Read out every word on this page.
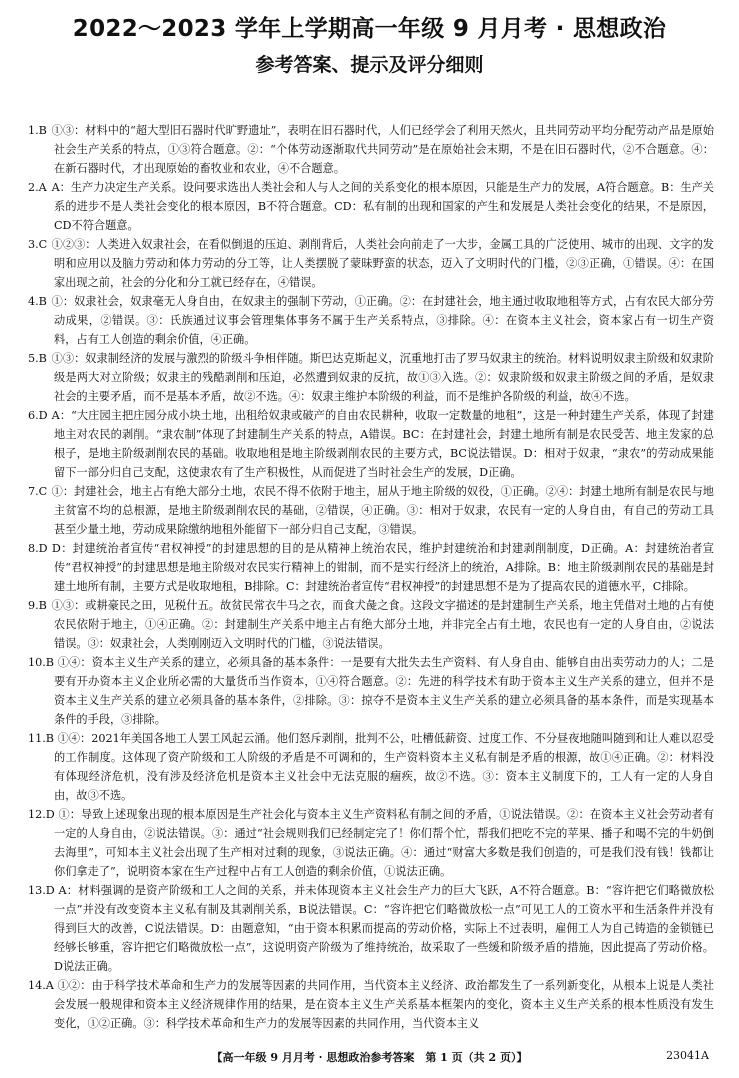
2022～2023 学年上学期高一年级 9 月月考 · 思想政治
参考答案、提示及评分细则

1.B ①③：材料中的“超大型旧石器时代旷野遗址”，表明在旧石器时代，人们已经学会了利用天然火，且共同劳动平均分配劳动产品是原始社会生产关系的特点，①③符合题意。②：“个体劳动逐渐取代共同劳动”是在原始社会末期，不是在旧石器时代，②不合题意。④：在新石器时代，才出现原始的畜牧业和农业，④不合题意。

2.A A：生产力决定生产关系。设问要求选出人类社会和人与人之间的关系变化的根本原因，只能是生产力的发展，A符合题意。B：生产关系的进步不是人类社会变化的根本原因，B不符合题意。CD：私有制的出现和国家的产生和发展是人类社会变化的结果，不是原因，CD不符合题意。

3.C ①②③：人类进入奴隶社会，在看似倒退的压迫、剥削背后，人类社会向前走了一大步，金属工具的广泛使用、城市的出现、文字的发明和应用以及脑力劳动和体力劳动的分工等，让人类摆脱了蒙昧野蛮的状态，迈入了文明时代的门槛，②③正确，①错误。④：在国家出现之前，社会的分化和分工就已经存在，④错误。

4.B ①：奴隶社会，奴隶毫无人身自由，在奴隶主的强制下劳动，①正确。②：在封建社会，地主通过收取地租等方式，占有农民大部分劳动成果，②错误。③：氏族通过议事会管理集体事务不属于生产关系特点，③排除。④：在资本主义社会，资本家占有一切生产资料，占有工人创造的剩余价值，④正确。

5.B ①③：奴隶制经济的发展与激烈的阶级斗争相伴随。斯巴达克斯起义，沉重地打击了罗马奴隶主的统治。材料说明奴隶主阶级和奴隶阶级是两大对立阶级；奴隶主的残酷剥削和压迫，必然遭到奴隶的反抗，故①③入选。②：奴隶阶级和奴隶主阶级之间的矛盾，是奴隶社会的主要矛盾，而不是基本矛盾，故②不选。④：奴隶主维护本阶级的利益，而不是维护各阶级的利益，故④不选。

6.D A：“大庄园主把庄园分成小块土地，出租给奴隶或破产的自由农民耕种，收取一定数量的地租”，这是一种封建生产关系，体现了封建地主对农民的剥削。“隶农制”体现了封建制生产关系的特点，A错误。BC：在封建社会，封建土地所有制是农民受苦、地主发家的总根子，是地主阶级剥削农民的基础。收取地租是地主阶级剥削农民的主要方式，BC说法错误。D：相对于奴隶，“隶农”的劳动成果能留下一部分归自己支配，这使隶农有了生产积极性，从而促进了当时社会生产的发展，D正确。

7.C ①：封建社会，地主占有绝大部分土地，农民不得不依附于地主，屈从于地主阶级的奴役，①正确。②④：封建土地所有制是农民与地主贫富不均的总根源，是地主阶级剥削农民的基础，②错误，④正确。③：相对于奴隶，农民有一定的人身自由，有自己的劳动工具甚至少量土地，劳动成果除缴纳地租外能留下一部分归自己支配，③错误。

8.D D：封建统治者宣传“君权神授”的封建思想的目的是从精神上统治农民，维护封建统治和封建剥削制度，D正确。A：封建统治者宣传“君权神授”的封建思想是地主阶级对农民实行精神上的钳制，而不是实行经济上的统治，A排除。B：地主阶级剥削农民的基础是封建土地所有制，主要方式是收取地租，B排除。C：封建统治者宣传“君权神授”的封建思想不是为了提高农民的道德水平，C排除。

9.B ①③：或耕豪民之田，见税什五。故贫民常衣牛马之衣，而食犬彘之食。这段文字描述的是封建制生产关系，地主凭借对土地的占有使农民依附于地主，①④正确。②：封建制生产关系中地主占有绝大部分土地，并非完全占有土地，农民也有一定的人身自由，②说法错误。③：奴隶社会，人类刚刚迈入文明时代的门槛，③说法错误。

10.B ①④：资本主义生产关系的建立，必须具备的基本条件：一是要有大批失去生产资料、有人身自由、能够自由出卖劳动力的人；二是要有开办资本主义企业所必需的大量货币当作资本，①④符合题意。②：先进的科学技术有助于资本主义生产关系的建立，但并不是资本主义生产关系的建立必须具备的基本条件，②排除。③：掠夺不是资本主义生产关系的建立必须具备的基本条件，而是实现基本条件的手段，③排除。

11.B ①④：2021年美国各地工人罢工风起云涌。他们怒斥剥削，批判不公，吐槽低薪资、过度工作、不分昼夜地随叫随到和让人难以忍受的工作制度。这体现了资产阶级和工人阶级的矛盾是不可调和的，生产资料资本主义私有制是矛盾的根源，故①④正确。②：材料没有体现经济危机，没有涉及经济危机是资本主义社会中无法克服的痼疾，故②不选。③：资本主义制度下的，工人有一定的人身自由，故③不选。

12.D ①：导致上述现象出现的根本原因是生产社会化与资本主义生产资料私有制之间的矛盾，①说法错误。②：在资本主义社会劳动者有一定的人身自由，②说法错误。③：通过“社会规则我们已经制定完了！你们帮个忙，帮我们把吃不完的苹果、播子和喝不完的牛奶倒去海里”，可知本主义社会出现了生产相对过剩的现象，③说法正确。④：通过“财富大多数是我们创造的，可是我们没有钱！钱都让你们拿走了”，说明资本家在生产过程中占有工人创造的剩余价值，①说法正确。

13.D A：材料强调的是资产阶级和工人之间的关系，并未体现资本主义社会生产力的巨大飞跃，A不符合题意。B：“容许把它们略微放松一点”并没有改变资本主义私有制及其剥削关系，B说法错误。C：“容许把它们略微放松一点”可见工人的工资水平和生活条件并没有得到巨大的改善，C说法错误。D：由题意知，“由于资本积累而提高的劳动价格，实际上不过表明，雇佣工人为自己铸造的金锁链已经够长够重，容许把它们略微放松一点”，这说明资产阶级为了维持统治，故采取了一些缓和阶级矛盾的措施，因此提高了劳动价格。D说法正确。

14.A ①②：由于科学技术革命和生产力的发展等因素的共同作用，当代资本主义经济、政治都发生了一系列新变化，从根本上说是人类社会发展一般规律和资本主义经济规律作用的结果，是在资本主义生产关系基本框架内的变化，资本主义生产关系的根本性质没有发生变化，①②正确。③：科学技术革命和生产力的发展等因素的共同作用，当代资本主义

【高一年级 9 月月考 · 思想政治参考答案　第 1 页（共 2 页）】	23041A
